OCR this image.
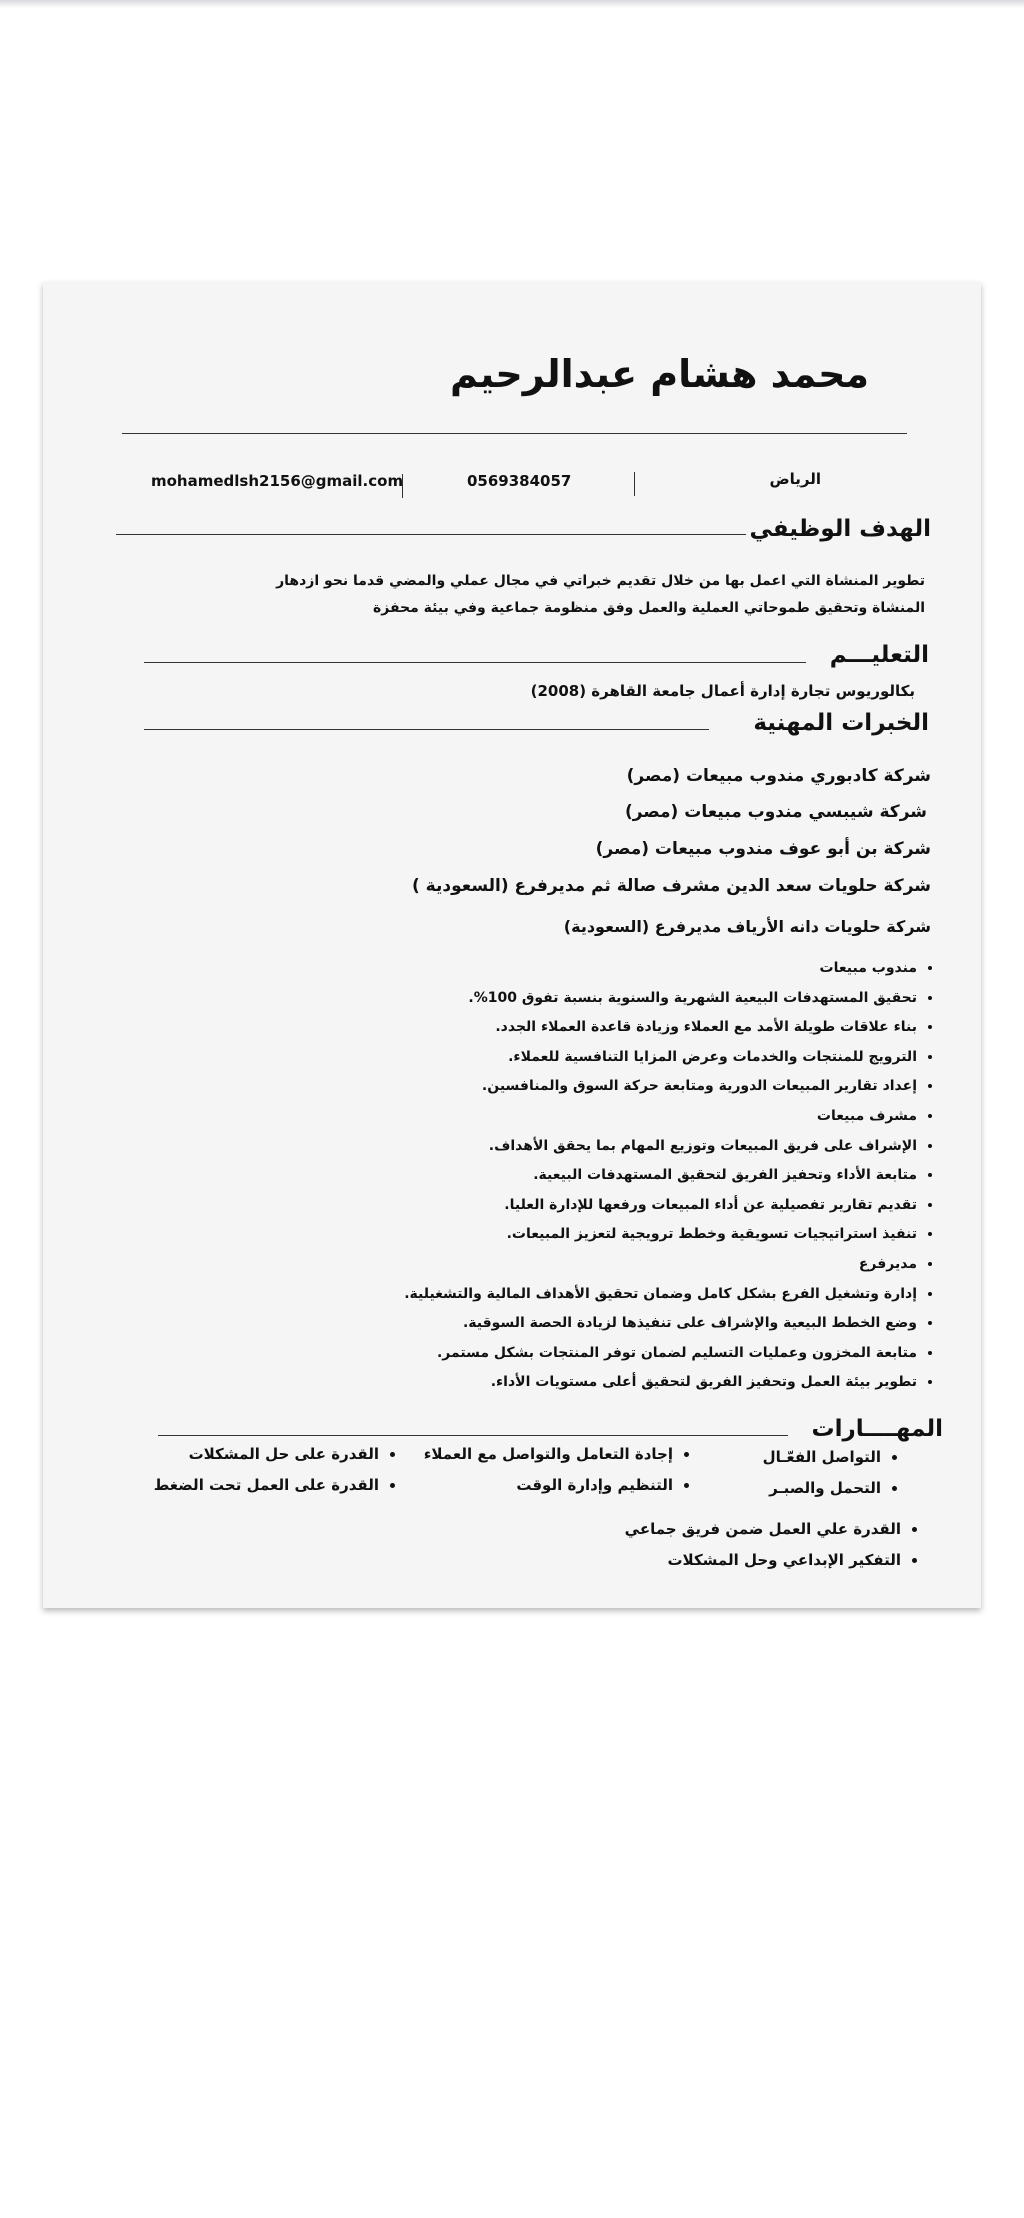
محمد هشام عبدالرحيم
الرياض
0569384057
mohamedlsh2156@gmail.com
الهدف الوظيفي
تطوير المنشاة التي اعمل بها من خلال تقديم خبراتي في مجال عملي والمضي قدما نحو ازدهار
المنشاة وتحقيق طموحاتي العملية والعمل وفق منظومة جماعية وفي بيئة محفزة
التعليـــم
بكالوريوس تجارة إدارة أعمال جامعة القاهرة (2008)
الخبرات المهنية
شركة كادبوري مندوب مبيعات (مصر)
شركة شيبسي مندوب مبيعات (مصر)
شركة بن أبو عوف مندوب مبيعات (مصر)
شركة حلويات سعد الدين مشرف صالة ثم مديرفرع (السعودية )
شركة حلويات دانه الأرياف مديرفرع (السعودية)
• مندوب مبيعات
• تحقيق المستهدفات البيعية الشهرية والسنوية بنسبة تفوق 100%.
• بناء علاقات طويلة الأمد مع العملاء وزيادة قاعدة العملاء الجدد.
• الترويج للمنتجات والخدمات وعرض المزايا التنافسية للعملاء.
• إعداد تقارير المبيعات الدورية ومتابعة حركة السوق والمنافسين.
• مشرف مبيعات
• الإشراف على فريق المبيعات وتوزيع المهام بما يحقق الأهداف.
• متابعة الأداء وتحفيز الفريق لتحقيق المستهدفات البيعية.
• تقديم تقارير تفصيلية عن أداء المبيعات ورفعها للإدارة العليا.
• تنفيذ استراتيجيات تسويقية وخطط ترويجية لتعزيز المبيعات.
• مديرفرع
• إدارة وتشغيل الفرع بشكل كامل وضمان تحقيق الأهداف المالية والتشغيلية.
• وضع الخطط البيعية والإشراف على تنفيذها لزيادة الحصة السوقية.
• متابعة المخزون وعمليات التسليم لضمان توفر المنتجات بشكل مستمر.
• تطوير بيئة العمل وتحفيز الفريق لتحقيق أعلى مستويات الأداء.
المهــــارات
• التواصل الفعّـال
• التحمل والصبـر
• إجادة التعامل والتواصل مع العملاء
• التنظيم وإدارة الوقت
• القدرة على حل المشكلات
• القدرة على العمل تحت الضغط
• القدرة علي العمل ضمن فريق جماعي
• التفكير الإبداعي وحل المشكلات
